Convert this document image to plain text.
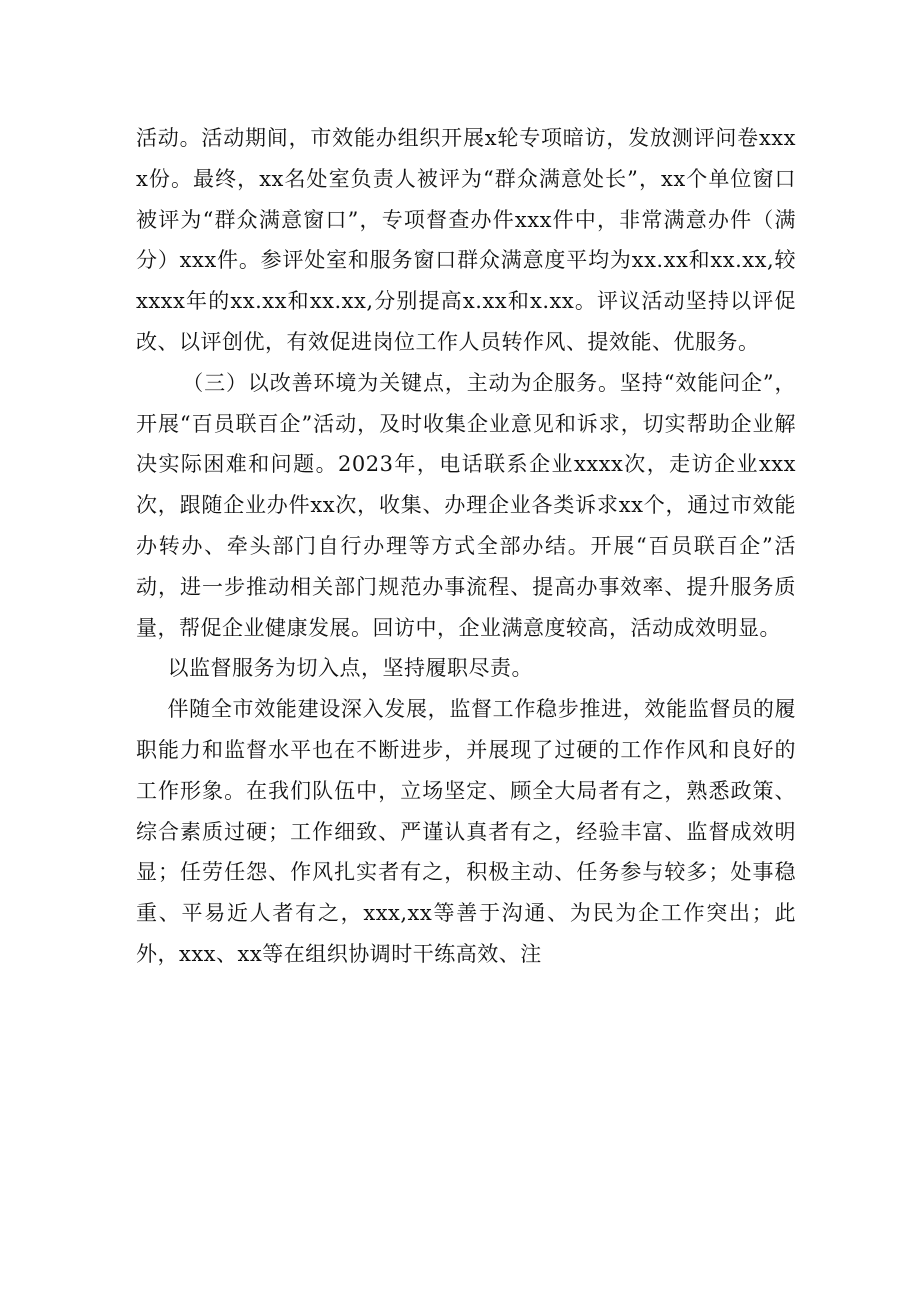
活动。活动期间，市效能办组织开展x轮专项暗访，发放测评问卷xxxx份。最终，xx名处室负责人被评为“群众满意处长”，xx个单位窗口被评为“群众满意窗口”，专项督查办件xxx件中，非常满意办件（满分）xxx件。参评处室和服务窗口群众满意度平均为xx.xx和xx.xx,较xxxx年的xx.xx和xx.xx,分别提高x.xx和x.xx。评议活动坚持以评促改、以评创优，有效促进岗位工作人员转作风、提效能、优服务。

（三）以改善环境为关键点，主动为企服务。坚持“效能问企”，开展“百员联百企”活动，及时收集企业意见和诉求，切实帮助企业解决实际困难和问题。2023年，电话联系企业xxxx次，走访企业xxx次，跟随企业办件xx次，收集、办理企业各类诉求xx个，通过市效能办转办、牵头部门自行办理等方式全部办结。开展“百员联百企”活动，进一步推动相关部门规范办事流程、提高办事效率、提升服务质量，帮促企业健康发展。回访中，企业满意度较高，活动成效明显。

以监督服务为切入点，坚持履职尽责。

伴随全市效能建设深入发展，监督工作稳步推进，效能监督员的履职能力和监督水平也在不断进步，并展现了过硬的工作作风和良好的工作形象。在我们队伍中，立场坚定、顾全大局者有之，熟悉政策、综合素质过硬；工作细致、严谨认真者有之，经验丰富、监督成效明显；任劳任怨、作风扎实者有之，积极主动、任务参与较多；处事稳重、平易近人者有之，xxx,xx等善于沟通、为民为企工作突出；此外，xxx、xx等在组织协调时干练高效、注
